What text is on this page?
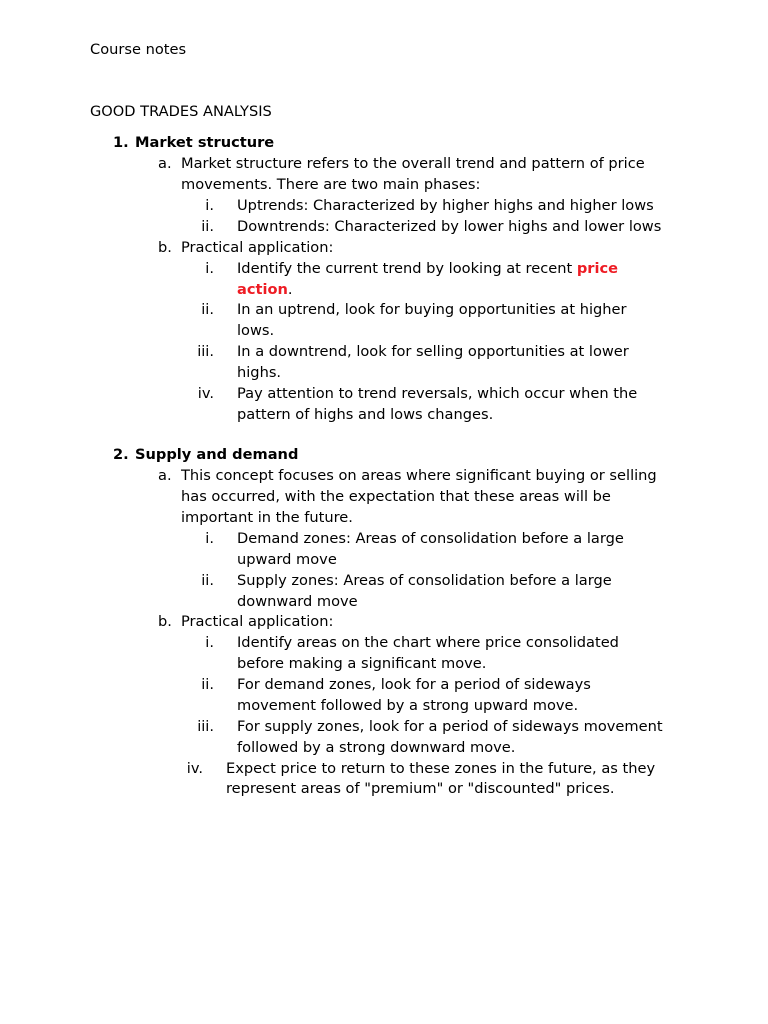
Course notes
GOOD TRADES ANALYSIS
1. Market structure
a. Market structure refers to the overall trend and pattern of price
movements. There are two main phases:
i. Uptrends: Characterized by higher highs and higher lows
ii. Downtrends: Characterized by lower highs and lower lows
b. Practical application:
i. Identify the current trend by looking at recent price
action.
ii. In an uptrend, look for buying opportunities at higher
lows.
iii. In a downtrend, look for selling opportunities at lower
highs.
iv. Pay attention to trend reversals, which occur when the
pattern of highs and lows changes.
2. Supply and demand
a. This concept focuses on areas where significant buying or selling
has occurred, with the expectation that these areas will be
important in the future.
i. Demand zones: Areas of consolidation before a large
upward move
ii. Supply zones: Areas of consolidation before a large
downward move
b. Practical application:
i. Identify areas on the chart where price consolidated
before making a significant move.
ii. For demand zones, look for a period of sideways
movement followed by a strong upward move.
iii. For supply zones, look for a period of sideways movement
followed by a strong downward move.
iv. Expect price to return to these zones in the future, as they
represent areas of "premium" or "discounted" prices.
